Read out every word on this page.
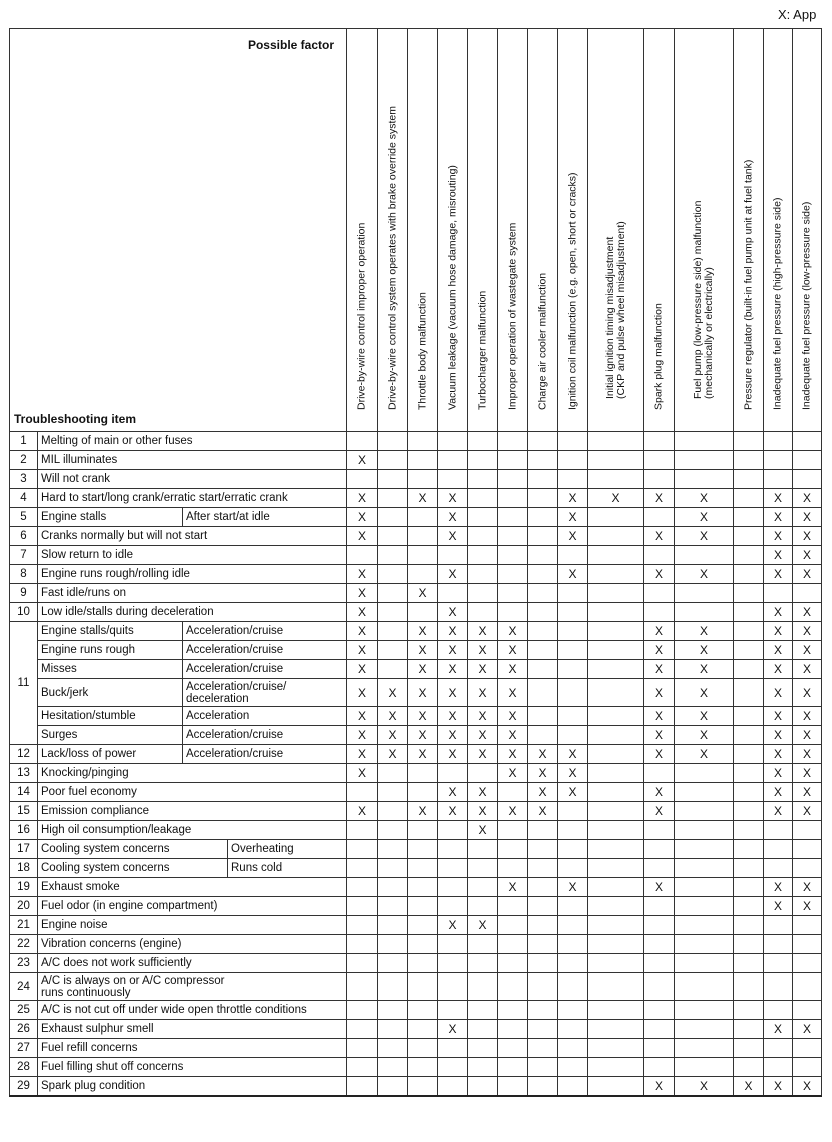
X: App
Possible factor
Troubleshooting item				Drive-by-wire control improper operation	Drive-by-wire control system operates with brake override system	Throttle body malfunction	Vacuum leakage (vacuum hose damage, misrouting)	Turbocharger malfunction	Improper operation of wastegate system	Charge air cooler malfunction	Ignition coil malfunction (e.g. open, short or cracks)	Initial ignition timing misadjustment
(CKP and pulse wheel misadjustment)	Spark plug malfunction	Fuel pump (low-pressure side) malfunction
(mechanically or electrically)	Pressure regulator (built-in fuel pump unit at fuel tank)	Inadequate fuel pressure (high-pressure side)	Inadequate fuel pressure (low-pressure side)

1	Melting of main or other fuses																
2	MIL illuminates			X													
3	Will not crank																
4	Hard to start/long crank/erratic start/erratic crank			X		X	X				X	X	X	X		X	X
5	Engine stalls	After start/at idle		X			X				X			X		X	X
6	Cranks normally but will not start			X			X				X		X	X		X	X
7	Slow return to idle															X	X
8	Engine runs rough/rolling idle			X			X				X		X	X		X	X
9	Fast idle/runs on			X		X											
10	Low idle/stalls during deceleration			X			X									X	X
11	Engine stalls/quits	Acceleration/cruise		X		X	X	X	X				X	X		X	X
	Engine runs rough	Acceleration/cruise		X		X	X	X	X				X	X		X	X
	Misses	Acceleration/cruise		X		X	X	X	X				X	X		X	X
	Buck/jerk	Acceleration/cruise/
deceleration		X	X	X	X	X	X				X	X		X	X
	Hesitation/stumble	Acceleration		X	X	X	X	X	X				X	X		X	X
	Surges	Acceleration/cruise		X	X	X	X	X	X				X	X		X	X
12	Lack/loss of power	Acceleration/cruise		X	X	X	X	X	X	X	X		X	X		X	X
13	Knocking/pinging			X					X	X	X					X	X
14	Poor fuel economy						X	X		X	X		X			X	X
15	Emission compliance			X		X	X	X	X	X			X			X	X
16	High oil consumption/leakage							X									
17	Cooling system concerns		Overheating														
18	Cooling system concerns		Runs cold														
19	Exhaust smoke								X		X		X			X	X
20	Fuel odor (in engine compartment)															X	X
21	Engine noise						X	X									
22	Vibration concerns (engine)																
23	A/C does not work sufficiently																
24	A/C is always on or A/C compressor
runs continuously																
25	A/C is not cut off under wide open throttle conditions																
26	Exhaust sulphur smell						X									X	X
27	Fuel refill concerns																
28	Fuel filling shut off concerns																
29	Spark plug condition												X	X	X	X	X
